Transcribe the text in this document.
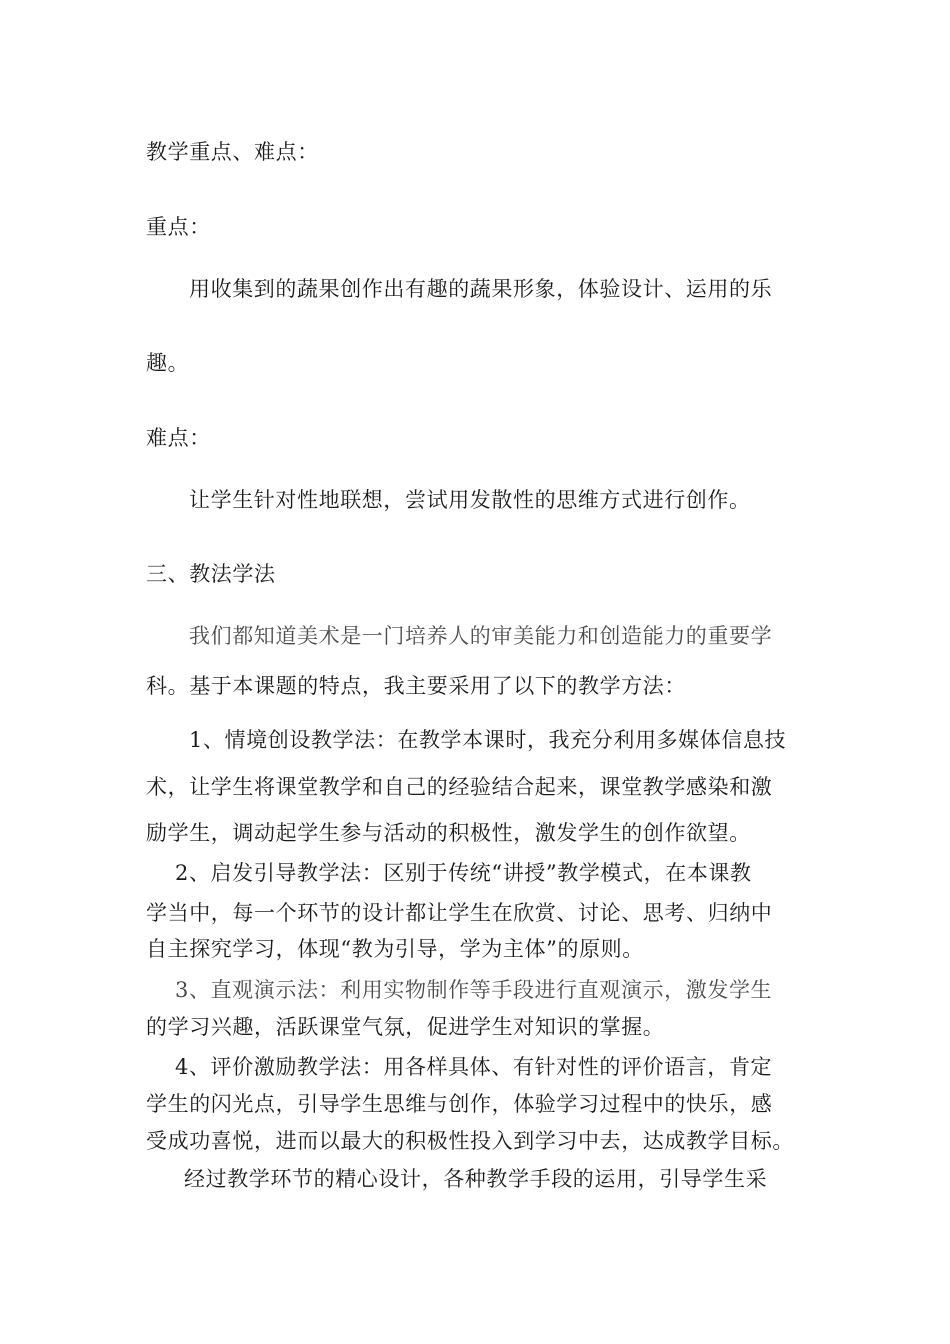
教学重点、难点：
重点：
用收集到的蔬果创作出有趣的蔬果形象，体验设计、运用的乐
趣。
难点：
让学生针对性地联想，尝试用发散性的思维方式进行创作。
三、教法学法
我们都知道美术是一门培养人的审美能力和创造能力的重要学
科。基于本课题的特点，我主要采用了以下的教学方法：
1、情境创设教学法：在教学本课时，我充分利用多媒体信息技
术，让学生将课堂教学和自己的经验结合起来，课堂教学感染和激
励学生，调动起学生参与活动的积极性，激发学生的创作欲望。
2、启发引导教学法：区别于传统“讲授”教学模式，在本课教
学当中，每一个环节的设计都让学生在欣赏、讨论、思考、归纳中
自主探究学习，体现“教为引导，学为主体”的原则。
3、直观演示法：利用实物制作等手段进行直观演示，激发学生
的学习兴趣，活跃课堂气氛，促进学生对知识的掌握。
4、评价激励教学法：用各样具体、有针对性的评价语言，肯定
学生的闪光点，引导学生思维与创作，体验学习过程中的快乐，感
受成功喜悦，进而以最大的积极性投入到学习中去，达成教学目标。
经过教学环节的精心设计，各种教学手段的运用，引导学生采
